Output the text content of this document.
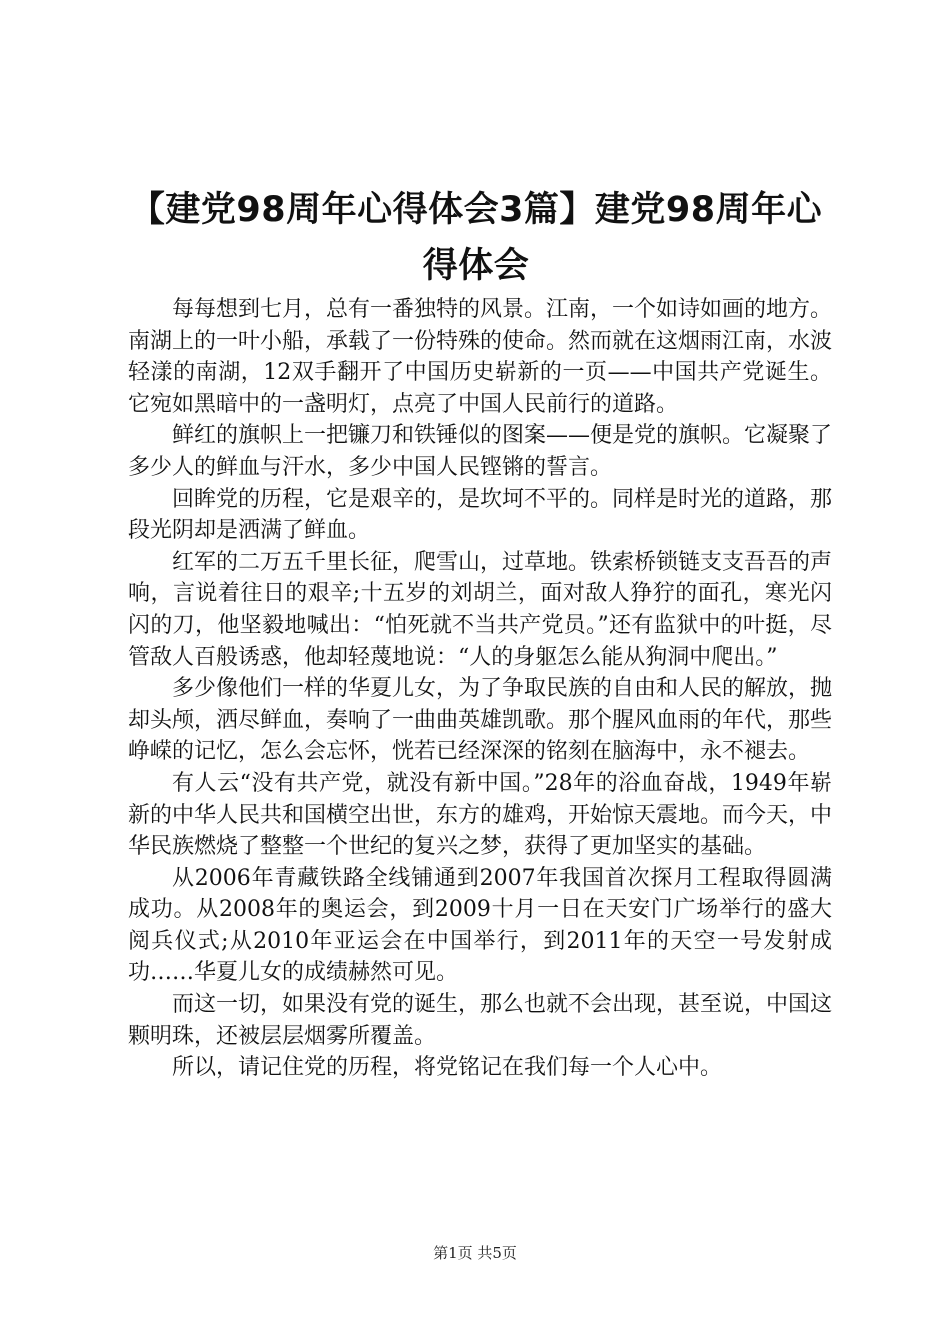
【建党98周年心得体会3篇】建党98周年心得体会

每每想到七月，总有一番独特的风景。江南，一个如诗如画的地方。南湖上的一叶小船，承载了一份特殊的使命。然而就在这烟雨江南，水波轻漾的南湖，12双手翻开了中国历史崭新的一页——中国共产党诞生。它宛如黑暗中的一盏明灯，点亮了中国人民前行的道路。

鲜红的旗帜上一把镰刀和铁锤似的图案——便是党的旗帜。它凝聚了多少人的鲜血与汗水，多少中国人民铿锵的誓言。

回眸党的历程，它是艰辛的，是坎坷不平的。同样是时光的道路，那段光阴却是洒满了鲜血。

红军的二万五千里长征，爬雪山，过草地。铁索桥锁链支支吾吾的声响，言说着往日的艰辛;十五岁的刘胡兰，面对敌人狰狞的面孔，寒光闪闪的刀，他坚毅地喊出：“怕死就不当共产党员。”还有监狱中的叶挺，尽管敌人百般诱惑，他却轻蔑地说：“人的身躯怎么能从狗洞中爬出。”

多少像他们一样的华夏儿女，为了争取民族的自由和人民的解放，抛却头颅，洒尽鲜血，奏响了一曲曲英雄凯歌。那个腥风血雨的年代，那些峥嵘的记忆，怎么会忘怀，恍若已经深深的铭刻在脑海中，永不褪去。

有人云“没有共产党，就没有新中国。”28年的浴血奋战，1949年崭新的中华人民共和国横空出世，东方的雄鸡，开始惊天震地。而今天，中华民族燃烧了整整一个世纪的复兴之梦，获得了更加坚实的基础。

从2006年青藏铁路全线铺通到2007年我国首次探月工程取得圆满成功。从2008年的奥运会，到2009十月一日在天安门广场举行的盛大阅兵仪式;从2010年亚运会在中国举行，到2011年的天空一号发射成功……华夏儿女的成绩赫然可见。

而这一切，如果没有党的诞生，那么也就不会出现，甚至说，中国这颗明珠，还被层层烟雾所覆盖。

所以，请记住党的历程，将党铭记在我们每一个人心中。

第1页 共5页
